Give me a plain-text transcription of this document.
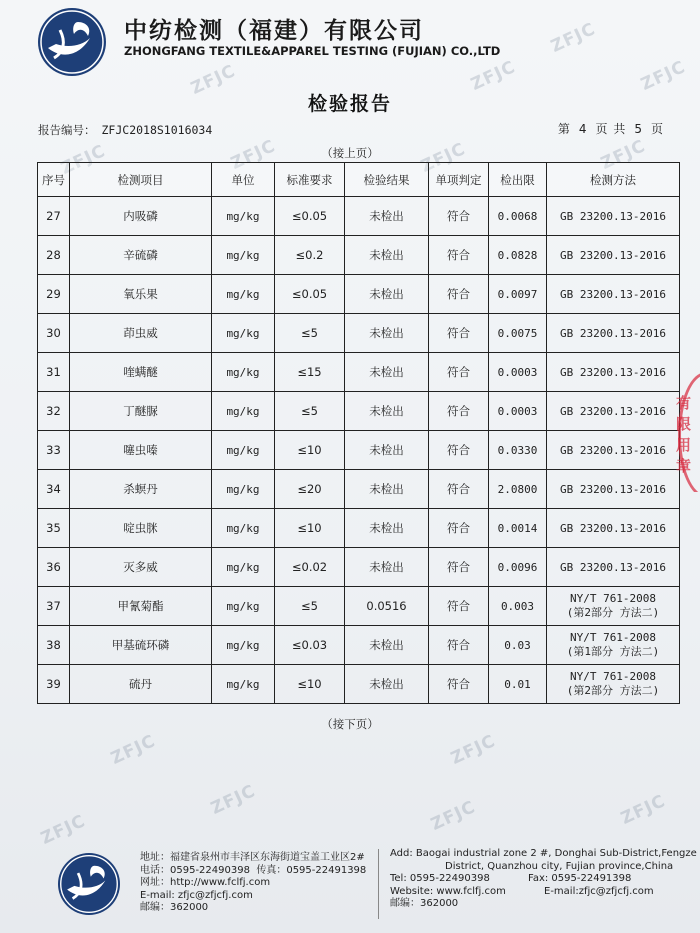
中纺检测（福建）有限公司
ZHONGFANG TEXTILE&APPAREL TESTING (FUJIAN) CO.,LTD	ZFJC
ZFJC	ZFJC	ZFJC
ZFJC	ZFJC	ZFJC	ZFJC
ZFJC	ZFJC
ZFJC	ZFJC
ZFJC	ZFJC
检验报告
报告编号： ZFJC2018S1016034	第 4 页 共 5 页
（接上页）
序号	检测项目	单位	标准要求	检验结果	单项判定	检出限	检测方法
27	内吸磷	mg/kg	≤0.05	未检出	符合	0.0068	GB 23200.13-2016
28	辛硫磷	mg/kg	≤0.2	未检出	符合	0.0828	GB 23200.13-2016
29	氧乐果	mg/kg	≤0.05	未检出	符合	0.0097	GB 23200.13-2016
30	茚虫威	mg/kg	≤5	未检出	符合	0.0075	GB 23200.13-2016
31	喹螨醚	mg/kg	≤15	未检出	符合	0.0003	GB 23200.13-2016
32	丁醚脲	mg/kg	≤5	未检出	符合	0.0003	GB 23200.13-2016
33	噻虫嗪	mg/kg	≤10	未检出	符合	0.0330	GB 23200.13-2016
34	杀螟丹	mg/kg	≤20	未检出	符合	2.0800	GB 23200.13-2016
35	啶虫脒	mg/kg	≤10	未检出	符合	0.0014	GB 23200.13-2016
36	灭多威	mg/kg	≤0.02	未检出	符合	0.0096	GB 23200.13-2016
37	甲氰菊酯	mg/kg	≤5	0.0516	符合	0.003	NY/T 761-2008
(第2部分 方法二)

38	甲基硫环磷	mg/kg	≤0.03	未检出	符合	0.03	NY/T 761-2008
(第1部分 方法二)

39	硫丹	mg/kg	≤10	未检出	符合	0.01	NY/T 761-2008
(第2部分 方法二)
（接下页）
有限
用章
地址：福建省泉州市丰泽区东海街道宝盖工业区2#
电话：0595-22490398 传真：0595-22491398
网址：http://www.fclfj.com
E-mail: zfjc@zfjcfj.com
邮编：362000
Add: Baogai industrial zone 2 #, Donghai Sub-District,Fengze
District, Quanzhou city, Fujian province,China
Tel: 0595-22490398	Fax: 0595-22491398
Website: www.fclfj.com	E-mail:zfjc@zfjcfj.com
邮编：362000
